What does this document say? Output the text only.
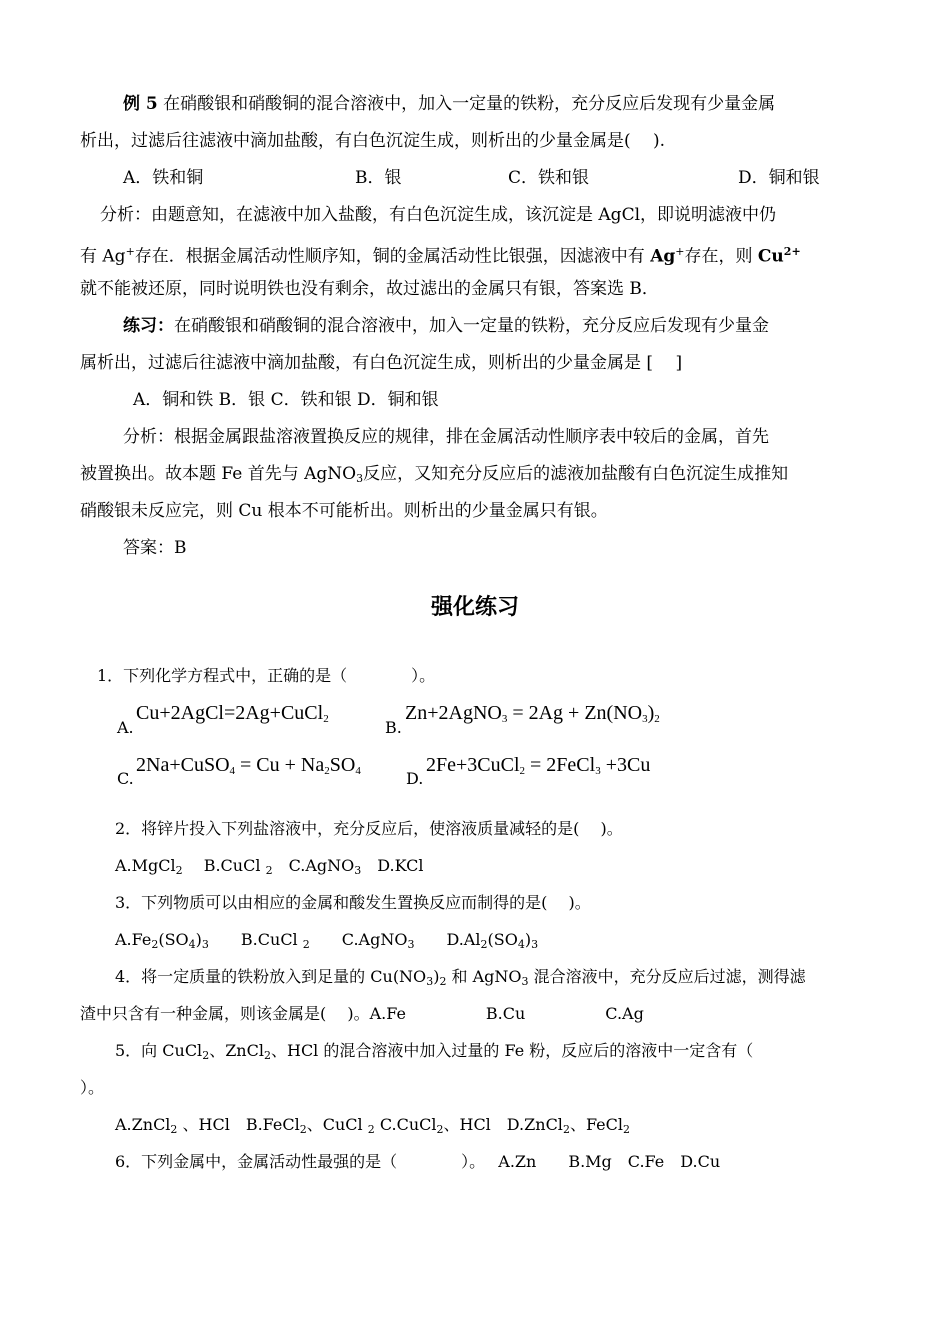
例 5 在硝酸银和硝酸铜的混合溶液中，加入一定量的铁粉，充分反应后发现有少量金属
析出，过滤后往滤液中滴加盐酸，有白色沉淀生成，则析出的少量金属是(　 ).
A．铁和铜	B．银	C．铁和银	D．铜和银
分析：由题意知，在滤液中加入盐酸，有白色沉淀生成，该沉淀是 AgCl，即说明滤液中仍
有 Ag+存在．根据金属活动性顺序知，铜的金属活动性比银强，因滤液中有 Ag+存在，则 $Cu^{2+}$
就不能被还原，同时说明铁也没有剩余，故过滤出的金属只有银，答案选 B．
练习：在硝酸银和硝酸铜的混合溶液中，加入一定量的铁粉，充分反应后发现有少量金
属析出，过滤后往滤液中滴加盐酸，有白色沉淀生成，则析出的少量金属是 [　 ]
A．铜和铁 B．银 C．铁和银 D．铜和银
分析：根据金属跟盐溶液置换反应的规律，排在金属活动性顺序表中较后的金属，首先
被置换出。故本题 Fe 首先与 AgNO$_3$反应，又知充分反应后的滤液加盐酸有白色沉淀生成推知
硝酸银未反应完，则 Cu 根本不可能析出。则析出的少量金属只有银。
答案：B
强化练习
1．下列化学方程式中，正确的是（　　　　）。
A.
Cu+2AgCl=2Ag+CuCl$_2$	B.
Zn+2AgNO$_3$ = $2Ag + Zn(NO_3)_2$
C.
2Na+CuSO$_4$ = $Cu + Na_2SO_4$	D.
2Fe+3CuCl$_2$ = 2FeCl$_3$ +3Cu
2．将锌片投入下列盐溶液中，充分反应后，使溶液质量减轻的是(　 )。
A.MgCl$_2$　 B.CuCl $_2$　C.AgNO$_3$　D.KCl
3．下列物质可以由相应的金属和酸发生置换反应而制得的是(　 )。
$A.Fe_2(SO_4)_3$　　B.CuCl $_2$　　C.AgNO$_3$　　$D.Al_2(SO_4)_3$
4．将一定质量的铁粉放入到足量的 $Cu(NO_3)_2$ 和 AgNO$_3$ 混合溶液中，充分反应后过滤，测得滤
渣中只含有一种金属，则该金属是(　 )。A.Fe　　　　　B.Cu　　　　　C.Ag
5．向 CuCl$_2$、ZnCl$_2$、HCl 的混合溶液中加入过量的 Fe 粉，反应后的溶液中一定含有（
）。
A.ZnCl$_2$ 、HCl　B.FeCl$_2$、CuCl $_2$ C.CuCl$_2$、HCl　D.ZnCl$_2$、FeCl$_2$
6．下列金属中，金属活动性最强的是（　　　　）。　 A.Zn　　B.Mg　C.Fe　D.Cu
